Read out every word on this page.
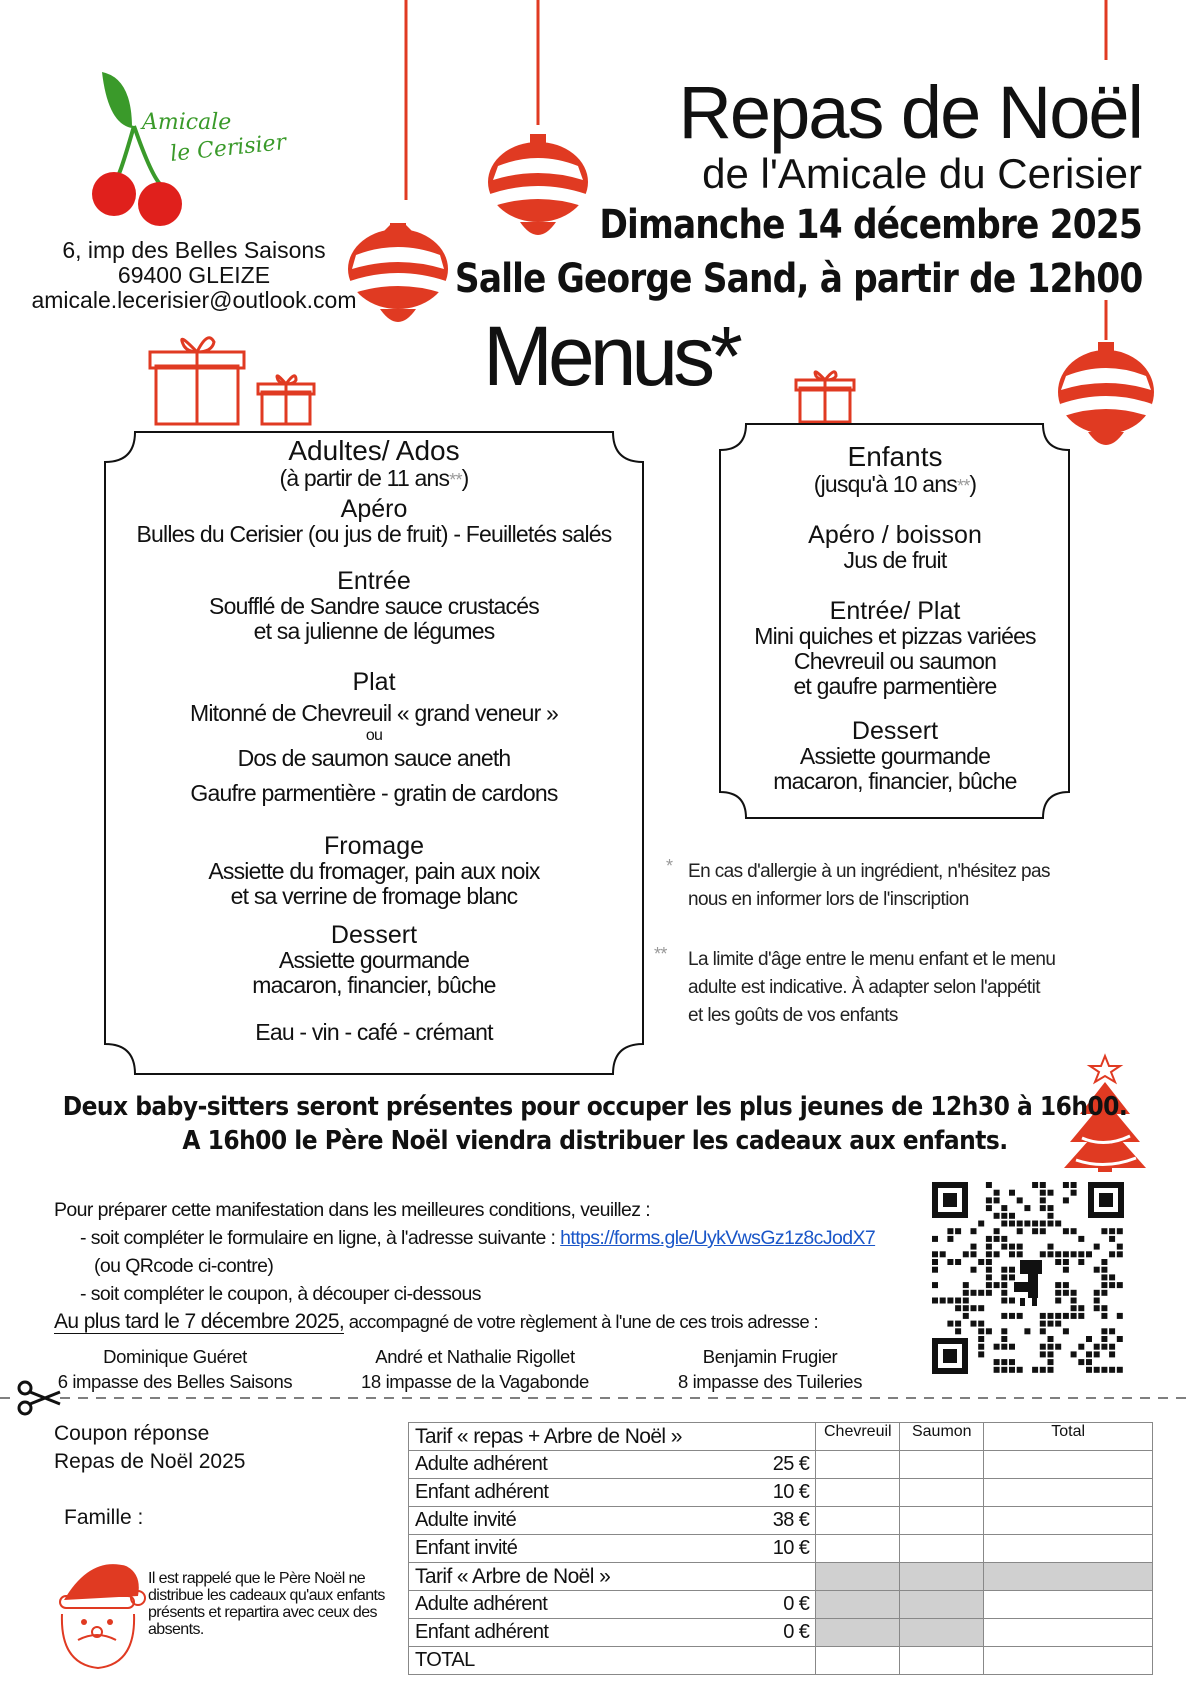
Amicale
le Cerisier
6, imp des Belles Saisons
69400 GLEIZE
amicale.lecerisier@outlook.com
Repas de Noël
de l'Amicale du Cerisier
Dimanche 14 décembre 2025
Salle George Sand, à partir de 12h00
Menus*
Adultes/ Ados
(à partir de 11 ans**)
Apéro
Bulles du Cerisier (ou jus de fruit) - Feuilletés salés
Entrée
Soufflé de Sandre sauce crustacés
et sa julienne de légumes
Plat
Mitonné de Chevreuil « grand veneur »
ou
Dos de saumon sauce aneth
Gaufre parmentière - gratin de cardons
Fromage
Assiette du fromager, pain aux noix
et sa verrine de fromage blanc
Dessert
Assiette gourmande
macaron, financier, bûche
Eau - vin - café - crémant
Enfants
(jusqu'à 10 ans**)
Apéro / boisson
Jus de fruit
Entrée/ Plat
Mini quiches et pizzas variées
Chevreuil ou saumon
et gaufre parmentière
Dessert
Assiette gourmande
macaron, financier, bûche
* En cas d'allergie à un ingrédient, n'hésitez pas
nous en informer lors de l'inscription
**	La limite d'âge entre le menu enfant et le menu
adulte est indicative. À adapter selon l'appétit
et les goûts de vos enfants
Deux baby-sitters seront présentes pour occuper les plus jeunes de 12h30 à 16h00.
A 16h00 le Père Noël viendra distribuer les cadeaux aux enfants.
Pour préparer cette manifestation dans les meilleures conditions, veuillez :
- soit compléter le formulaire en ligne, à l'adresse suivante : https://forms.gle/UykVwsGz1z8cJodX7
(ou QRcode ci-contre)
- soit compléter le coupon, à découper ci-dessous
Au plus tard le 7 décembre 2025, accompagné de votre règlement à l'une de ces trois adresse :
Dominique Guéret
6 impasse des Belles Saisons
André et Nathalie Rigollet
18 impasse de la Vagabonde
Benjamin Frugier
8 impasse des Tuileries
Coupon réponse
Repas de Noël 2025
Famille :
Il est rappelé que le Père Noël ne distribue les cadeaux qu'aux enfants présents et repartira avec ceux des absents.
Tarif « repas + Arbre de Noël »	Chevreuil	Saumon	Total
Adulte adhérent 25 €			

Enfant adhérent 10 €			

Adulte invité 38 €			

Enfant invité 10 €			

Tarif « Arbre de Noël »			
Adulte adhérent 0 €			

Enfant adhérent 0 €			

TOTAL			
